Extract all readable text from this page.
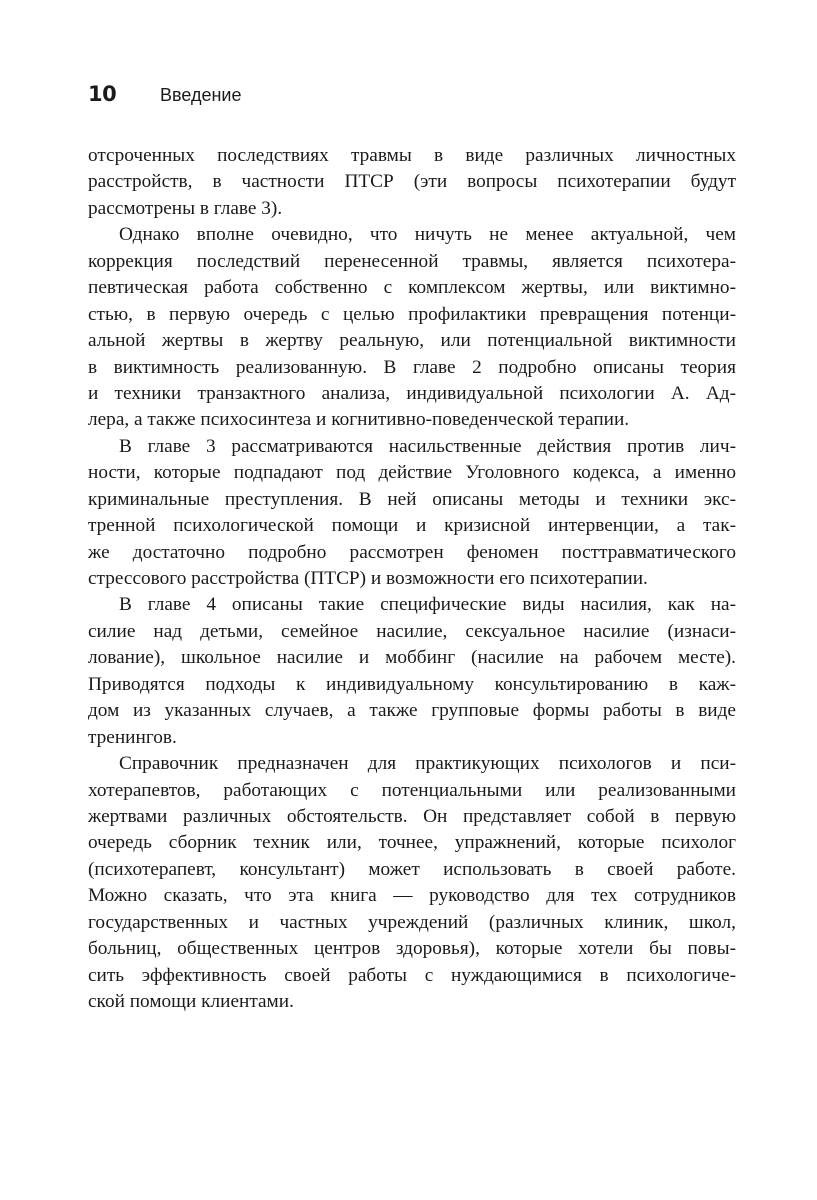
10	Введение
отсроченных последствиях травмы в виде различных личностных
расстройств, в частности ПТСР (эти вопросы психотерапии будут
рассмотрены в главе 3).
Однако вполне очевидно, что ничуть не менее актуальной, чем
коррекция последствий перенесенной травмы, является психотера-
певтическая работа собственно с комплексом жертвы, или виктимно-
стью, в первую очередь с целью профилактики превращения потенци-
альной жертвы в жертву реальную, или потенциальной виктимности
в виктимность реализованную. В главе 2 подробно описаны теория
и техники транзактного анализа, индивидуальной психологии А. Ад-
лера, а также психосинтеза и когнитивно-поведенческой терапии.
В главе 3 рассматриваются насильственные действия против лич-
ности, которые подпадают под действие Уголовного кодекса, а именно
криминальные преступления. В ней описаны методы и техники экс-
тренной психологической помощи и кризисной интервенции, а так-
же достаточно подробно рассмотрен феномен посттравматического
стрессового расстройства (ПТСР) и возможности его психотерапии.
В главе 4 описаны такие специфические виды насилия, как на-
силие над детьми, семейное насилие, сексуальное насилие (изнаси-
лование), школьное насилие и моббинг (насилие на рабочем месте).
Приводятся подходы к индивидуальному консультированию в каж-
дом из указанных случаев, а также групповые формы работы в виде
тренингов.
Справочник предназначен для практикующих психологов и пси-
хотерапевтов, работающих с потенциальными или реализованными
жертвами различных обстоятельств. Он представляет собой в первую
очередь сборник техник или, точнее, упражнений, которые психолог
(психотерапевт, консультант) может использовать в своей работе.
Можно сказать, что эта книга — руководство для тех сотрудников
государственных и частных учреждений (различных клиник, школ,
больниц, общественных центров здоровья), которые хотели бы повы-
сить эффективность своей работы с нуждающимися в психологиче-
ской помощи клиентами.
